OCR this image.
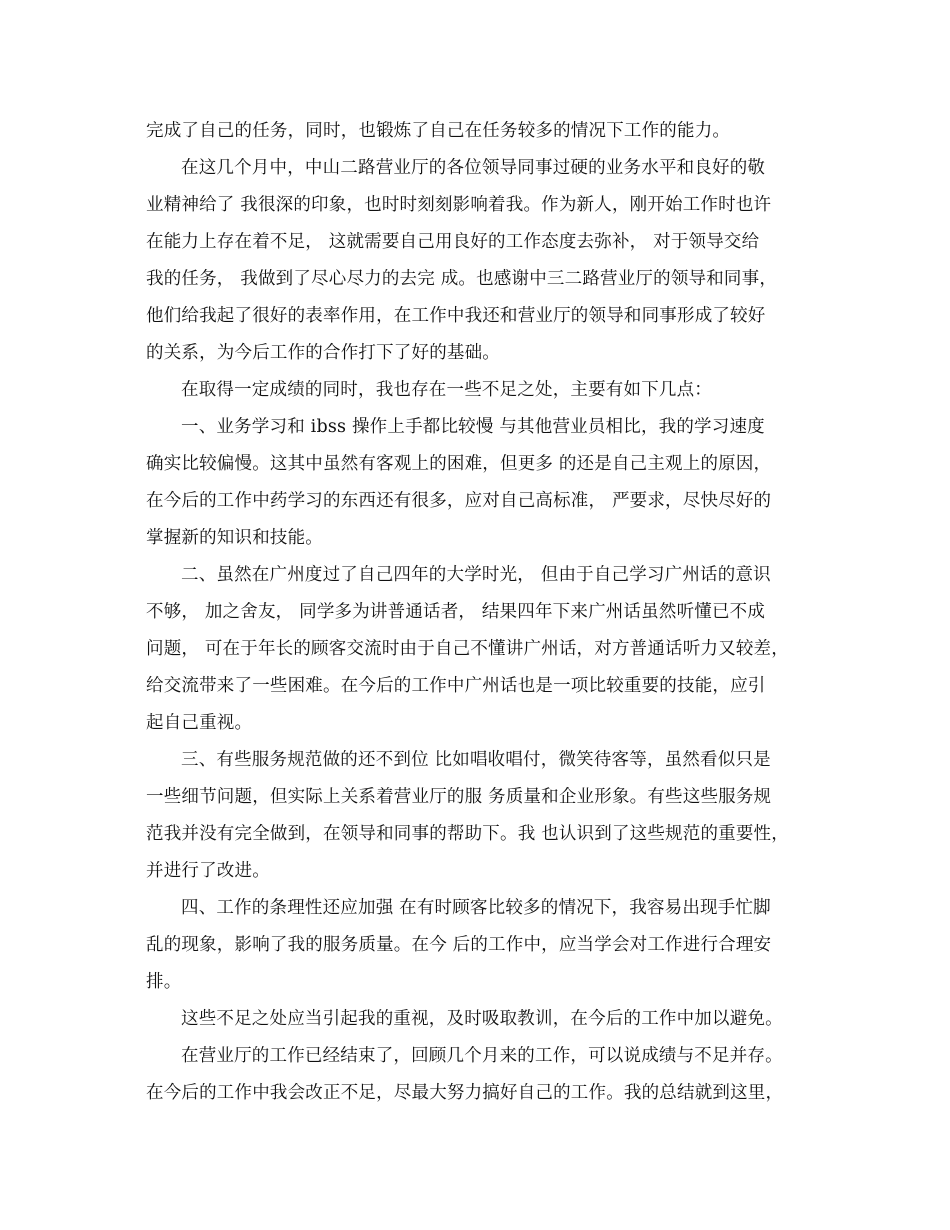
完成了自己的任务，同时，也锻炼了自己在任务较多的情况下工作的能力。
在这几个月中，中山二路营业厅的各位领导同事过硬的业务水平和良好的敬
业精神给了 我很深的印象，也时时刻刻影响着我。作为新人，刚开始工作时也许
在能力上存在着不足， 这就需要自己用良好的工作态度去弥补， 对于领导交给
我的任务， 我做到了尽心尽力的去完 成。也感谢中三二路营业厅的领导和同事，
他们给我起了很好的表率作用，在工作中我还和营业厅的领导和同事形成了较好
的关系，为今后工作的合作打下了好的基础。
在取得一定成绩的同时，我也存在一些不足之处，主要有如下几点：
一、业务学习和 ibss 操作上手都比较慢 与其他营业员相比，我的学习速度
确实比较偏慢。这其中虽然有客观上的困难，但更多 的还是自己主观上的原因，
在今后的工作中药学习的东西还有很多，应对自己高标准， 严要求，尽快尽好的
掌握新的知识和技能。
二、虽然在广州度过了自己四年的大学时光， 但由于自己学习广州话的意识
不够， 加之舍友， 同学多为讲普通话者， 结果四年下来广州话虽然听懂已不成
问题， 可在于年长的顾客交流时由于自己不懂讲广州话，对方普通话听力又较差，
给交流带来了一些困难。在今后的工作中广州话也是一项比较重要的技能，应引
起自己重视。
三、有些服务规范做的还不到位 比如唱收唱付，微笑待客等，虽然看似只是
一些细节问题，但实际上关系着营业厅的服 务质量和企业形象。有些这些服务规
范我并没有完全做到，在领导和同事的帮助下。我 也认识到了这些规范的重要性，
并进行了改进。
四、工作的条理性还应加强 在有时顾客比较多的情况下，我容易出现手忙脚
乱的现象，影响了我的服务质量。在今 后的工作中，应当学会对工作进行合理安
排。
这些不足之处应当引起我的重视，及时吸取教训，在今后的工作中加以避免。
在营业厅的工作已经结束了，回顾几个月来的工作，可以说成绩与不足并存。
在今后的工作中我会改正不足，尽最大努力搞好自己的工作。我的总结就到这里，
